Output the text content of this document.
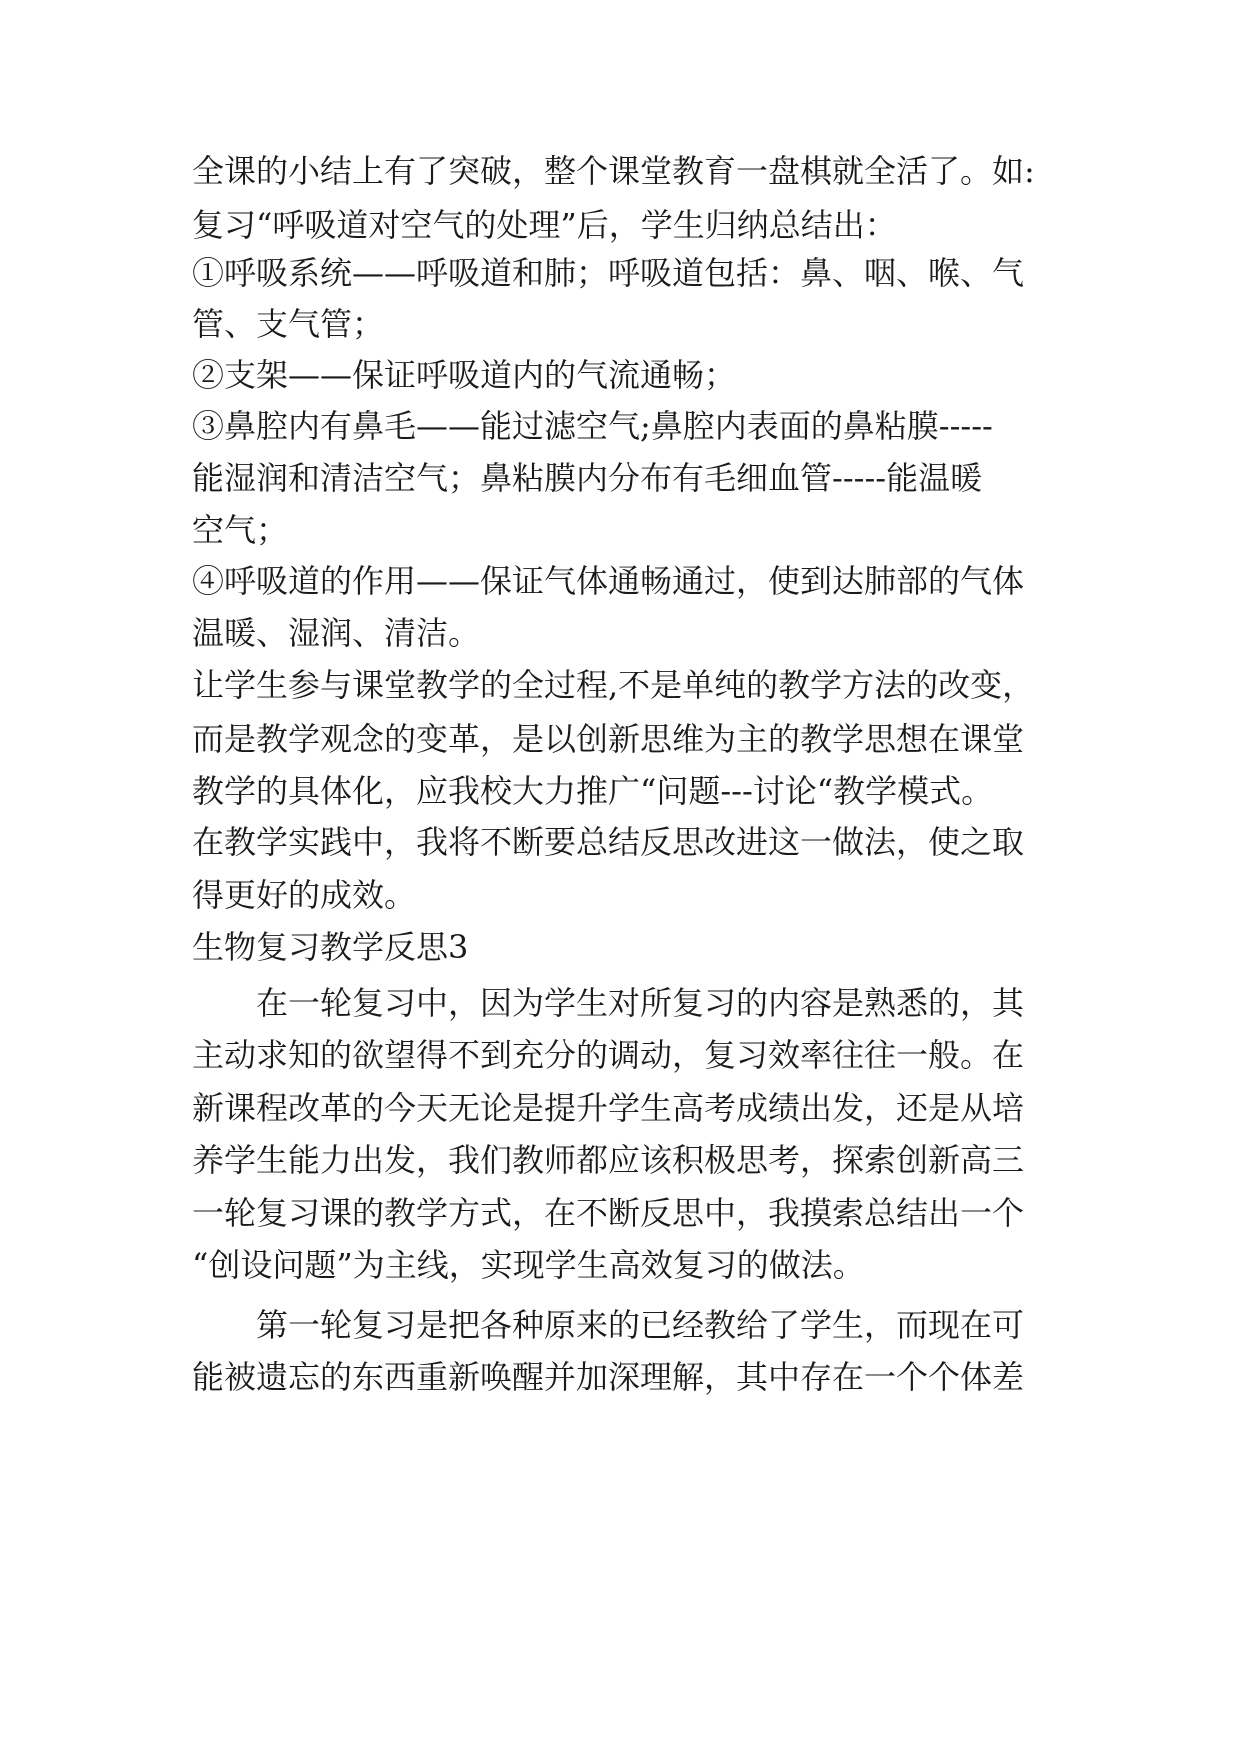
全课的小结上有了突破，整个课堂教育一盘棋就全活了。如:
复习“呼吸道对空气的处理”后，学生归纳总结出：
①呼吸系统——呼吸道和肺；呼吸道包括：鼻、咽、喉、气
管、支气管；
②支架——保证呼吸道内的气流通畅；
③鼻腔内有鼻毛——能过滤空气;鼻腔内表面的鼻粘膜-----
能湿润和清洁空气；鼻粘膜内分布有毛细血管-----能温暖
空气；
④呼吸道的作用——保证气体通畅通过，使到达肺部的气体
温暖、湿润、清洁。
让学生参与课堂教学的全过程,不是单纯的教学方法的改变，
而是教学观念的变革，是以创新思维为主的教学思想在课堂
教学的具体化，应我校大力推广“问题---讨论“教学模式。
在教学实践中，我将不断要总结反思改进这一做法，使之取
得更好的成效。
生物复习教学反思3
在一轮复习中，因为学生对所复习的内容是熟悉的，其
主动求知的欲望得不到充分的调动，复习效率往往一般。在
新课程改革的今天无论是提升学生高考成绩出发，还是从培
养学生能力出发，我们教师都应该积极思考，探索创新高三
一轮复习课的教学方式，在不断反思中，我摸索总结出一个
“创设问题”为主线，实现学生高效复习的做法。
第一轮复习是把各种原来的已经教给了学生，而现在可
能被遗忘的东西重新唤醒并加深理解，其中存在一个个体差
